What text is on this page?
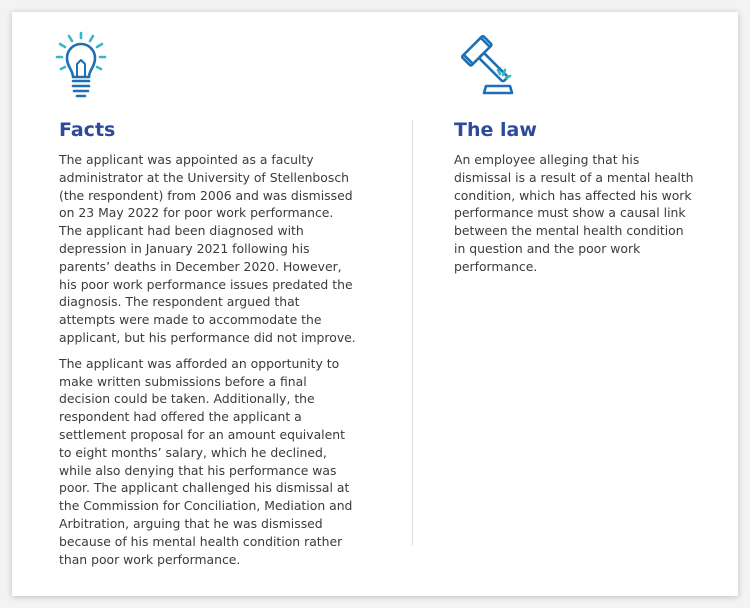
Facts

The applicant was appointed as a faculty administrator at the University of Stellenbosch (the respondent) from 2006 and was dismissed on 23 May 2022 for poor work performance. The applicant had been diagnosed with depression in January 2021 following his parents’ deaths in December 2020. However, his poor work performance issues predated the diagnosis. The respondent argued that attempts were made to accommodate the applicant, but his performance did not improve.

The applicant was afforded an opportunity to make written submissions before a final decision could be taken. Additionally, the respondent had offered the applicant a settlement proposal for an amount equivalent to eight months’ salary, which he declined, while also denying that his performance was poor. The applicant challenged his dismissal at the Commission for Conciliation, Mediation and Arbitration, arguing that he was dismissed because of his mental health condition rather than poor work performance.

The law

An employee alleging that his dismissal is a result of a mental health condition, which has affected his work performance must show a causal link between the mental health condition in question and the poor work performance.
